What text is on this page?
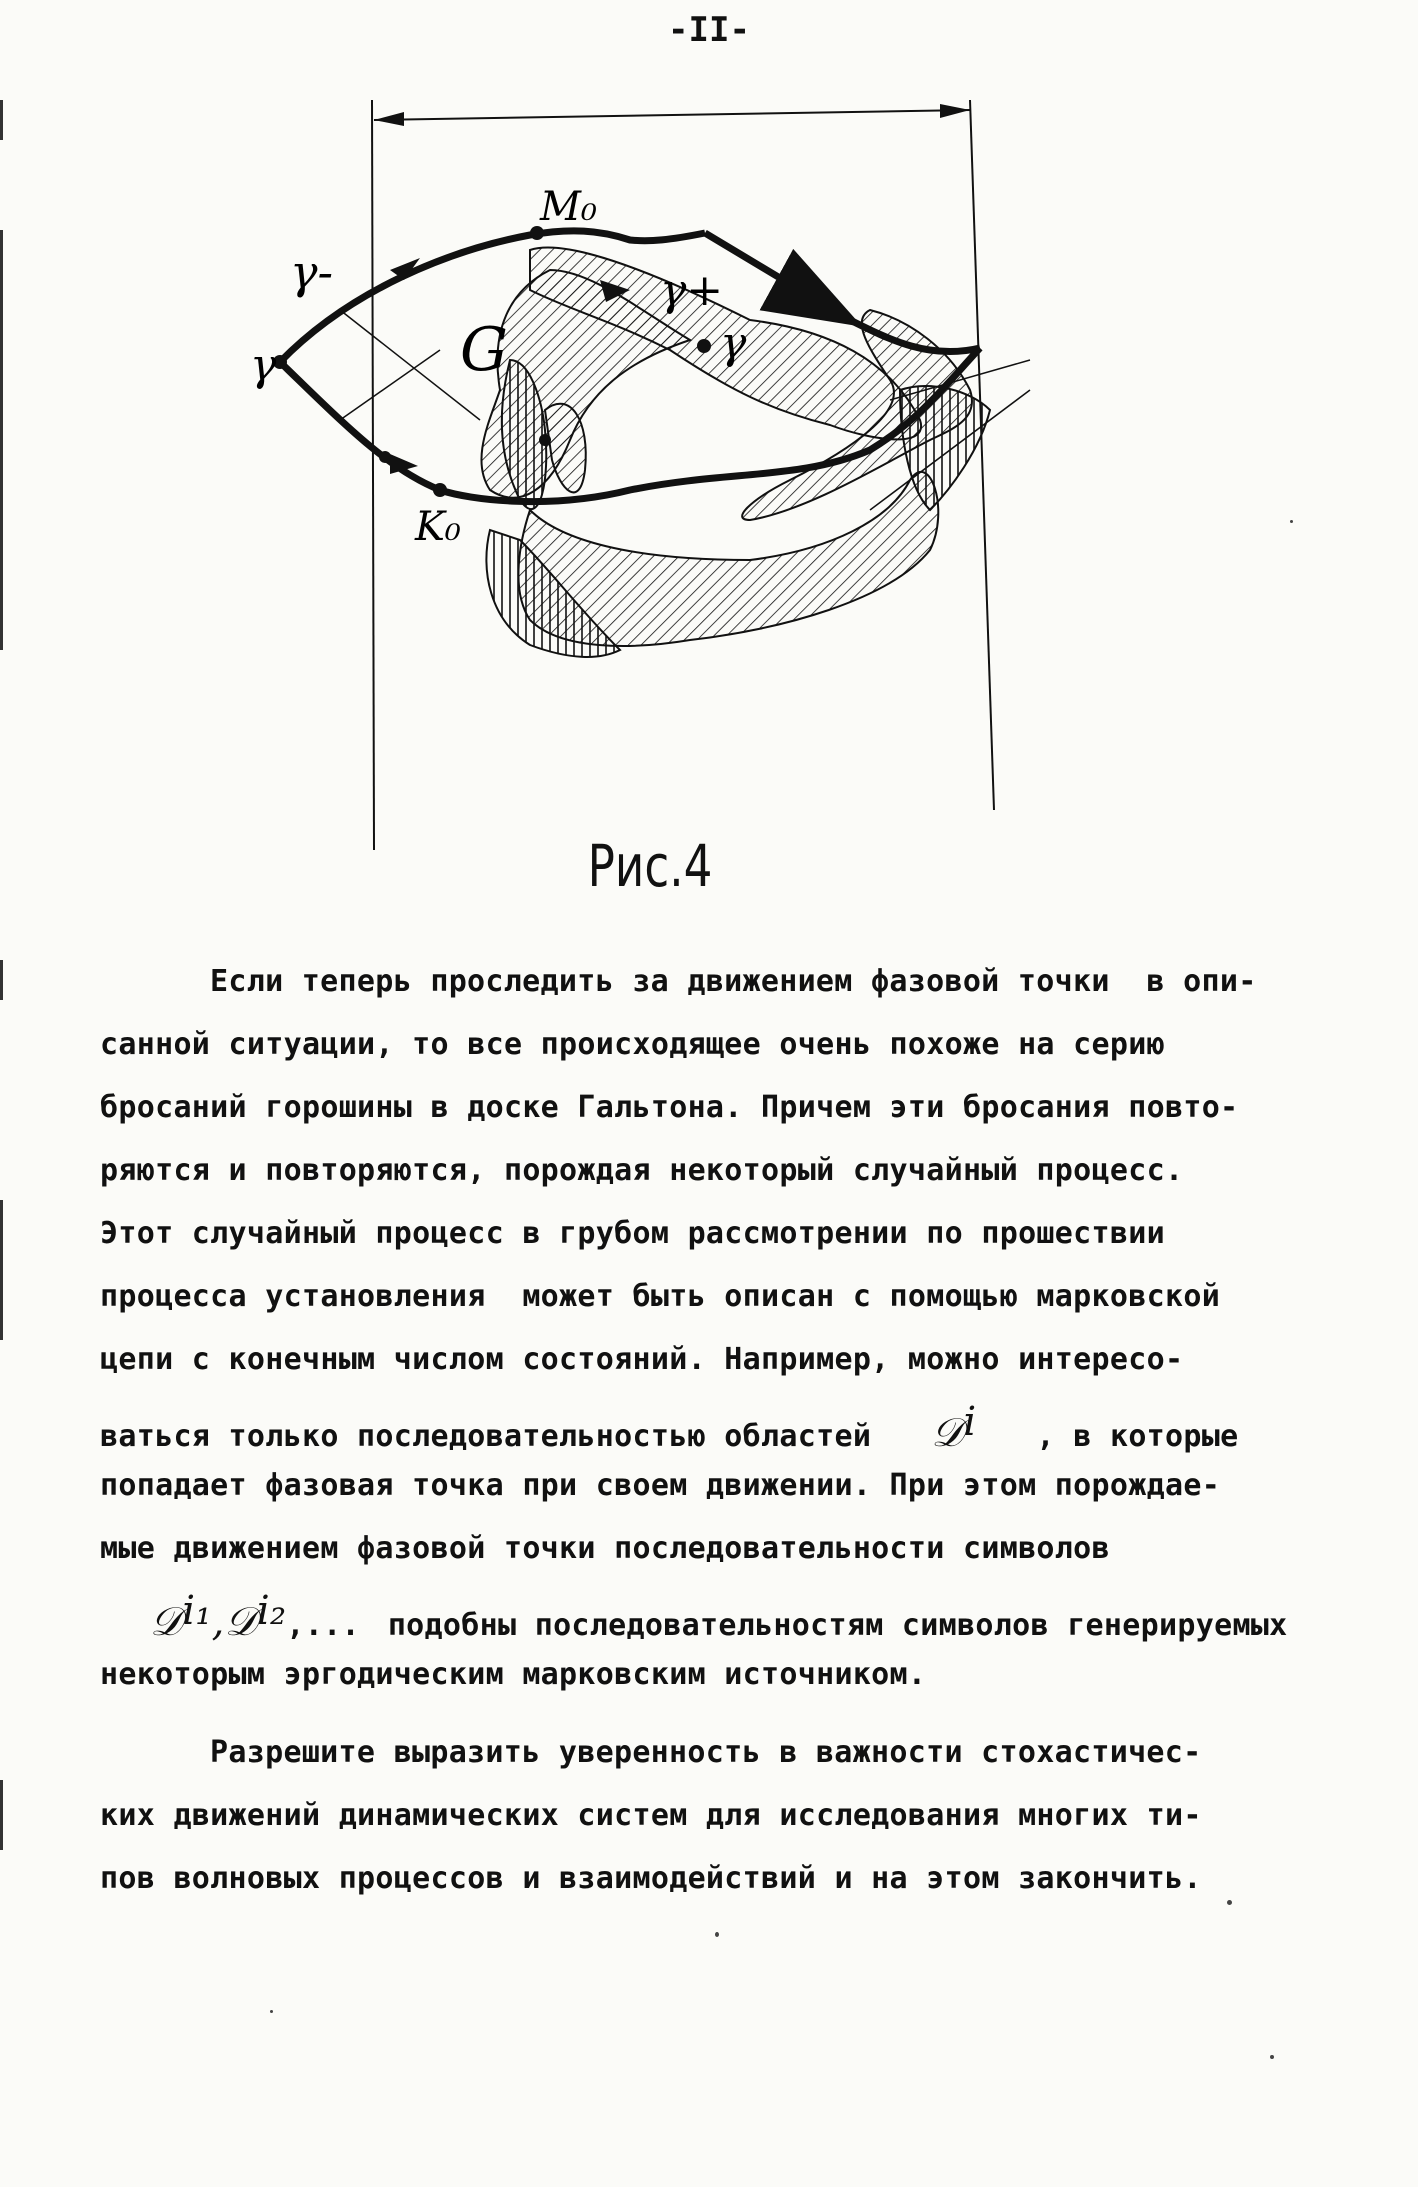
-II-
γ-
M₀
G
γ+
K₀
γ	γ
Рис.4
Если теперь проследить за движением фазовой точки  в опи-
санной ситуации, то все происходящее очень похоже на серию
бросаний горошины в доске Гальтона. Причем эти бросания повто-
ряются и повторяются, порождая некоторый случайный процесс.
Этот случайный процесс в грубом рассмотрении по прошествии
процесса установления  может быть описан с помощью марковской
цепи с конечным числом состояний. Например, можно интересо-
ваться только последовательностью областей 𝒟$^i$ , в которые
попадает фазовая точка при своем движении. При этом порождае-
мые движением фазовой точки последовательности символов
𝒟$^{i_1}$,𝒟$^{i_2}$,... подобны последовательностям символов генерируемых
некоторым эргодическим марковским источником.
Разрешите выразить уверенность в важности стохастичес-
ких движений динамических систем для исследования многих ти-
пов волновых процессов и взаимодействий и на этом закончить.
